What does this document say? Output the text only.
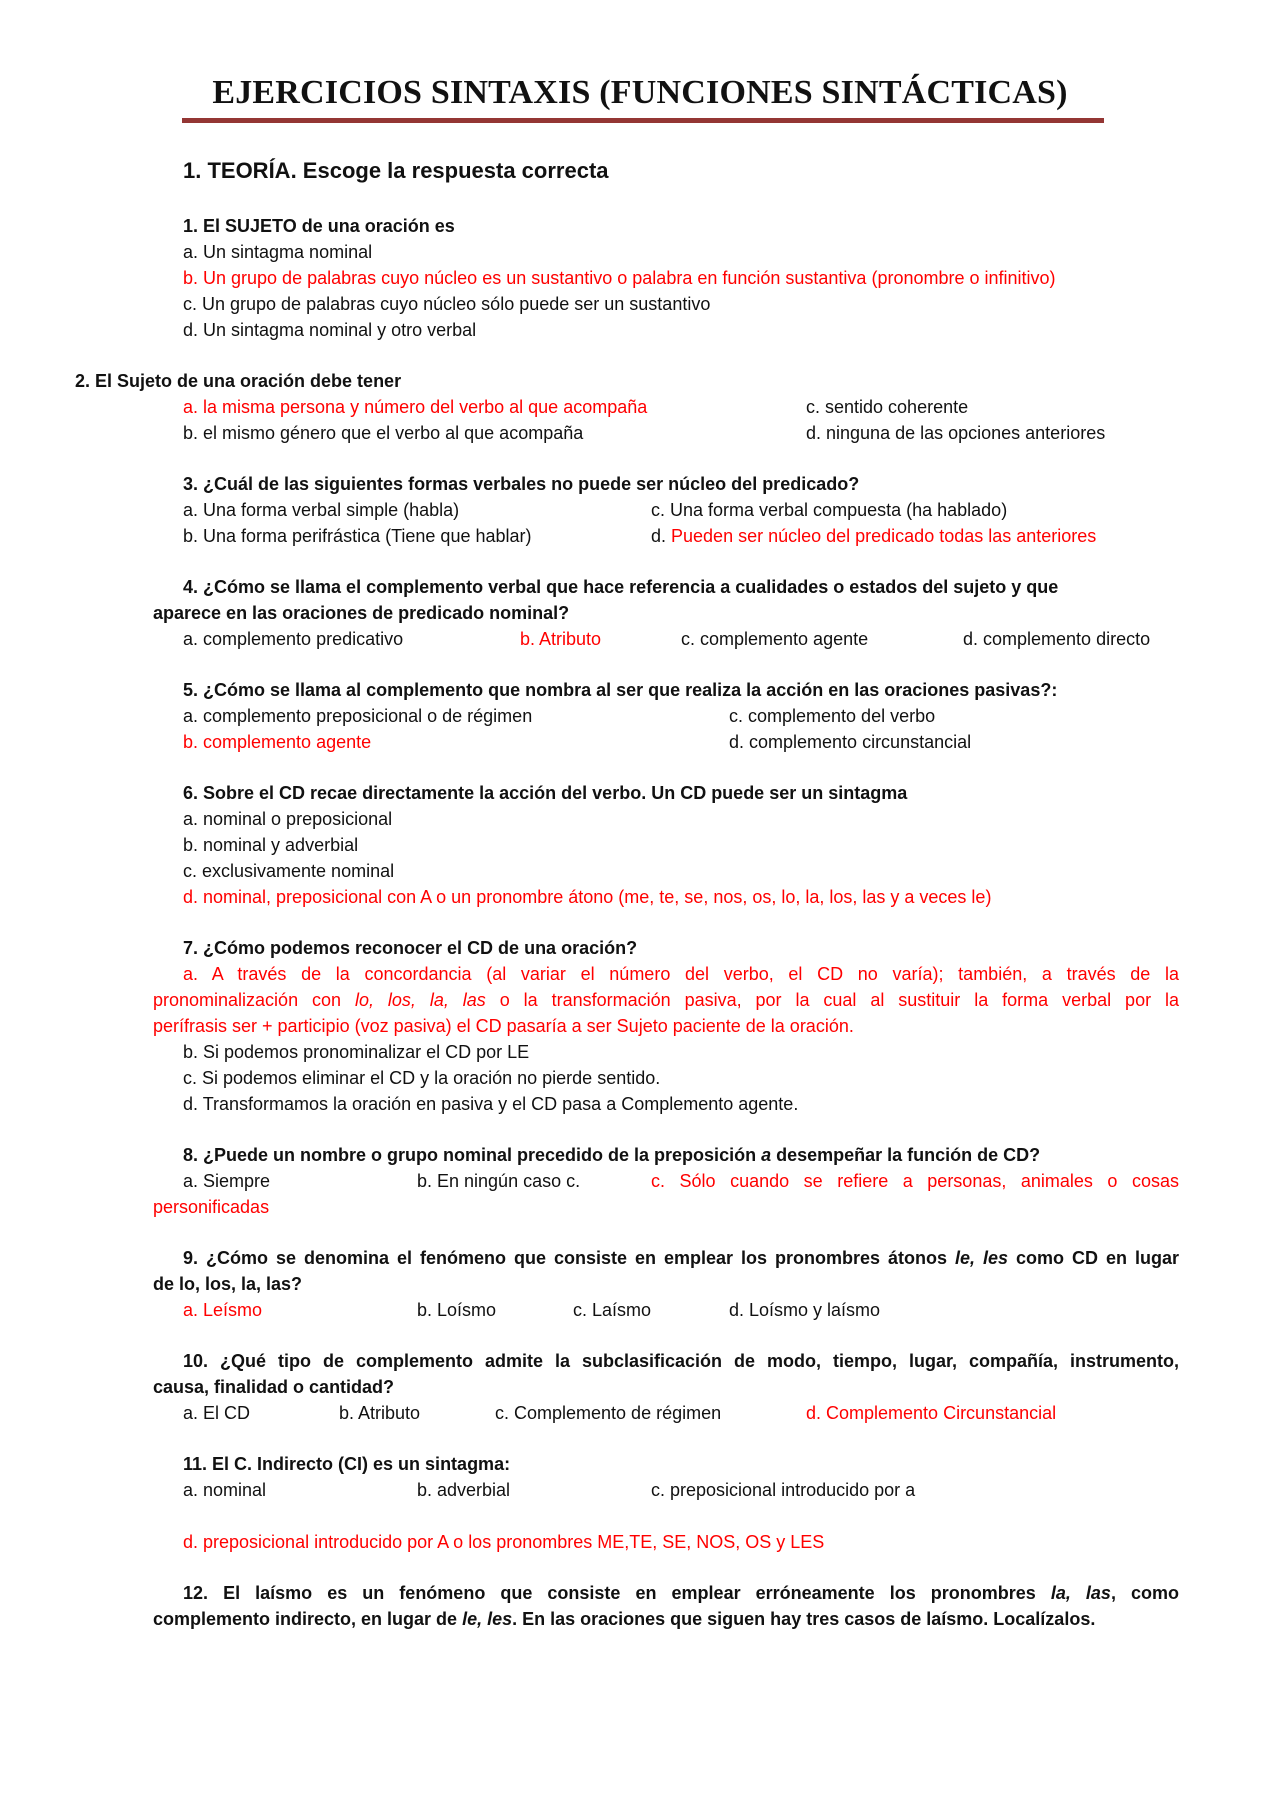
EJERCICIOS SINTAXIS (FUNCIONES SINTÁCTICAS)
1. TEORÍA. Escoge la respuesta correcta
1. El SUJETO de una oración es
a. Un sintagma nominal
b. Un grupo de palabras cuyo núcleo es un sustantivo o palabra en función sustantiva (pronombre o infinitivo)
c. Un grupo de palabras cuyo núcleo sólo puede ser un sustantivo
d. Un sintagma nominal y otro verbal
2. El Sujeto de una oración debe tener
a. la misma persona y número del verbo al que acompaña	c. sentido coherente
b. el mismo género que el verbo al que acompaña	d. ninguna de las opciones anteriores
3. ¿Cuál de las siguientes formas verbales no puede ser núcleo del predicado?
a. Una forma verbal simple (habla)	c. Una forma verbal compuesta (ha hablado)
b. Una forma perifrástica (Tiene que hablar)	d. Pueden ser núcleo del predicado todas las anteriores
4. ¿Cómo se llama el complemento verbal que hace referencia a cualidades o estados del sujeto y que
aparece en las oraciones de predicado nominal?
a. complemento predicativo	b. Atributo	c. complemento agente	d. complemento directo
5. ¿Cómo se llama al complemento que nombra al ser que realiza la acción en las oraciones pasivas?:
a. complemento preposicional o de régimen	c. complemento del verbo
b. complemento agente	d. complemento circunstancial
6. Sobre el CD recae directamente la acción del verbo. Un CD puede ser un sintagma
a. nominal o preposicional
b. nominal y adverbial
c. exclusivamente nominal
d. nominal, preposicional con A o un pronombre átono (me, te, se, nos, os, lo, la, los, las y a veces le)
7. ¿Cómo podemos reconocer el CD de una oración?
a. A través de la concordancia (al variar el número del verbo, el CD no varía); también, a través de la
pronominalización con lo, los, la, las o la transformación pasiva, por la cual al sustituir la forma verbal por la
perífrasis ser + participio (voz pasiva) el CD pasaría a ser Sujeto paciente de la oración.
b. Si podemos pronominalizar el CD por LE
c. Si podemos eliminar el CD y la oración no pierde sentido.
d. Transformamos la oración en pasiva y el CD pasa a Complemento agente.
8. ¿Puede un nombre o grupo nominal precedido de la preposición a desempeñar la función de CD?
a. Siempre	b. En ningún caso c.	c. Sólo cuando se refiere a personas, animales o cosas
personificadas
9. ¿Cómo se denomina el fenómeno que consiste en emplear los pronombres átonos le, les como CD en lugar
de lo, los, la, las?
a. Leísmo	b. Loísmo	c. Laísmo	d. Loísmo y laísmo
10. ¿Qué tipo de complemento admite la subclasificación de modo, tiempo, lugar, compañía, instrumento,
causa, finalidad o cantidad?
a. El CD	b. Atributo	c. Complemento de régimen	d. Complemento Circunstancial
11. El C. Indirecto (CI) es un sintagma:
a. nominal	b. adverbial	c. preposicional introducido por a
d. preposicional introducido por A o los pronombres ME,TE, SE, NOS, OS y LES
12. El laísmo es un fenómeno que consiste en emplear erróneamente los pronombres la, las, como
complemento indirecto, en lugar de le, les. En las oraciones que siguen hay tres casos de laísmo. Localízalos.
